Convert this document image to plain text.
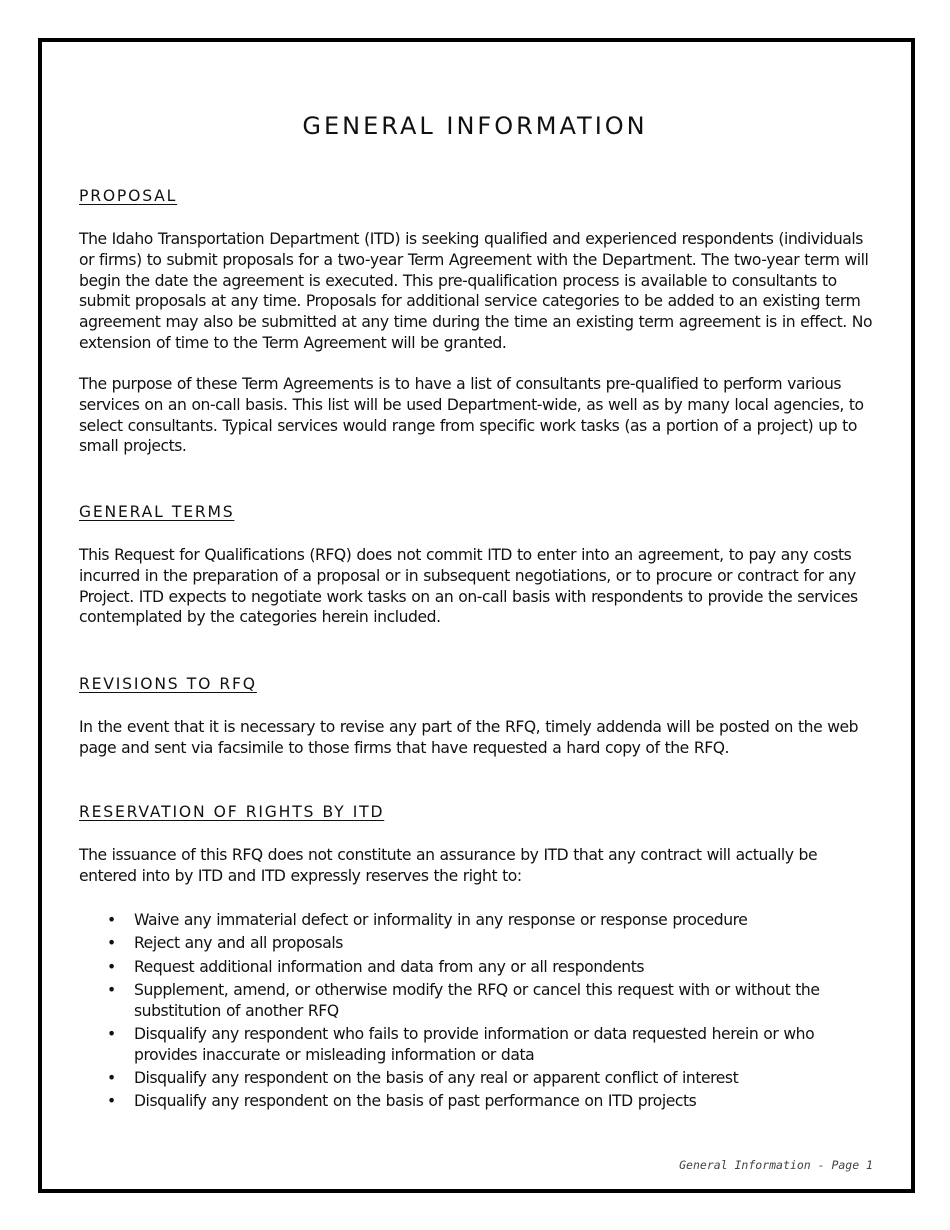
GENERAL INFORMATION
PROPOSAL

The Idaho Transportation Department (ITD) is seeking qualified and experienced respondents (individuals or firms) to submit proposals for a two-year Term Agreement with the Department. The two-year term will begin the date the agreement is executed. This pre-qualification process is available to consultants to submit proposals at any time. Proposals for additional service categories to be added to an existing term agreement may also be submitted at any time during the time an existing term agreement is in effect. No extension of time to the Term Agreement will be granted.

The purpose of these Term Agreements is to have a list of consultants pre-qualified to perform various services on an on-call basis. This list will be used Department-wide, as well as by many local agencies, to select consultants. Typical services would range from specific work tasks (as a portion of a project) up to small projects.

GENERAL TERMS

This Request for Qualifications (RFQ) does not commit ITD to enter into an agreement, to pay any costs incurred in the preparation of a proposal or in subsequent negotiations, or to procure or contract for any Project. ITD expects to negotiate work tasks on an on-call basis with respondents to provide the services contemplated by the categories herein included.

REVISIONS TO RFQ

In the event that it is necessary to revise any part of the RFQ, timely addenda will be posted on the web page and sent via facsimile to those firms that have requested a hard copy of the RFQ.

RESERVATION OF RIGHTS BY ITD

The issuance of this RFQ does not constitute an assurance by ITD that any contract will actually be entered into by ITD and ITD expressly reserves the right to:

• Waive any immaterial defect or informality in any response or response procedure
• Reject any and all proposals
• Request additional information and data from any or all respondents
• Supplement, amend, or otherwise modify the RFQ or cancel this request with or without the substitution of another RFQ
• Disqualify any respondent who fails to provide information or data requested herein or who provides inaccurate or misleading information or data
• Disqualify any respondent on the basis of any real or apparent conflict of interest
• Disqualify any respondent on the basis of past performance on ITD projects
General Information - Page 1
